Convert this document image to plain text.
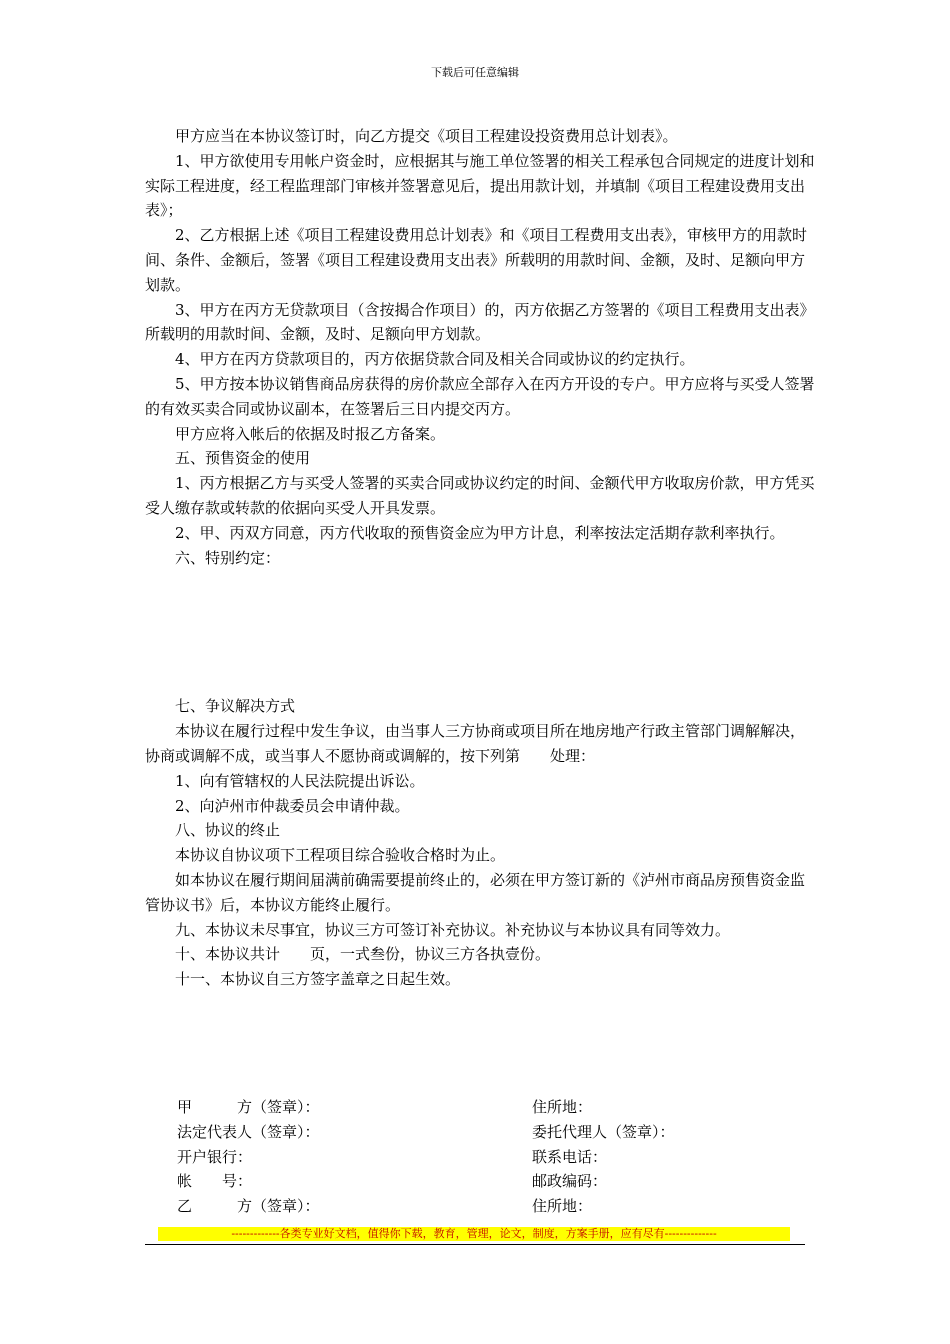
下载后可任意编辑

甲方应当在本协议签订时，向乙方提交《项目工程建设投资费用总计划表》。

1、甲方欲使用专用帐户资金时，应根据其与施工单位签署的相关工程承包合同规定的进度计划和实际工程进度，经工程监理部门审核并签署意见后，提出用款计划，并填制《项目工程建设费用支出表》；

2、乙方根据上述《项目工程建设费用总计划表》和《项目工程费用支出表》，审核甲方的用款时间、条件、金额后，签署《项目工程建设费用支出表》所载明的用款时间、金额，及时、足额向甲方划款。

3、甲方在丙方无贷款项目（含按揭合作项目）的，丙方依据乙方签署的《项目工程费用支出表》所载明的用款时间、金额，及时、足额向甲方划款。

4、甲方在丙方贷款项目的，丙方依据贷款合同及相关合同或协议的约定执行。

5、甲方按本协议销售商品房获得的房价款应全部存入在丙方开设的专户。甲方应将与买受人签署的有效买卖合同或协议副本，在签署后三日内提交丙方。

甲方应将入帐后的依据及时报乙方备案。

五、预售资金的使用

1、丙方根据乙方与买受人签署的买卖合同或协议约定的时间、金额代甲方收取房价款，甲方凭买受人缴存款或转款的依据向买受人开具发票。

2、甲、丙双方同意，丙方代收取的预售资金应为甲方计息，利率按法定活期存款利率执行。

六、特别约定：

七、争议解决方式

本协议在履行过程中发生争议，由当事人三方协商或项目所在地房地产行政主管部门调解解决，协商或调解不成，或当事人不愿协商或调解的，按下列第　　处理：

1、向有管辖权的人民法院提出诉讼。

2、向泸州市仲裁委员会申请仲裁。

八、协议的终止

本协议自协议项下工程项目综合验收合格时为止。

如本协议在履行期间届满前确需要提前终止的，必须在甲方签订新的《泸州市商品房预售资金监管协议书》后，本协议方能终止履行。

九、本协议未尽事宜，协议三方可签订补充协议。补充协议与本协议具有同等效力。

十、本协议共计　　页，一式叁份，协议三方各执壹份。

十一、本协议自三方签字盖章之日起生效。

甲　　　方（签章）：	住所地：
法定代表人（签章）：	委托代理人（签章）：
开户银行：	联系电话：
帐　　号：	邮政编码：
乙　　　方（签章）：	住所地：
-------------各类专业好文档，值得你下载，教育，管理，论文，制度，方案手册，应有尽有--------------
